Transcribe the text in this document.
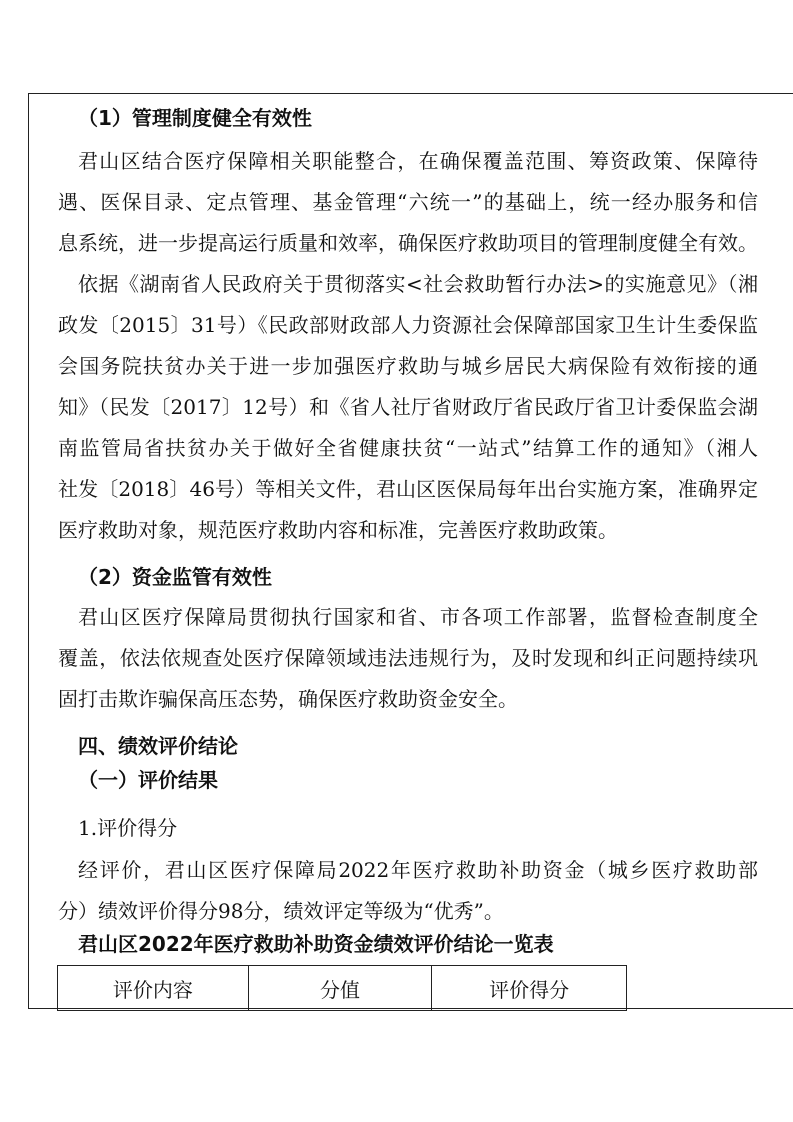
（1）管理制度健全有效性
君山区结合医疗保障相关职能整合，在确保覆盖范围、筹资政策、保障待
遇、医保目录、定点管理、基金管理“六统一”的基础上，统一经办服务和信
息系统，进一步提高运行质量和效率，确保医疗救助项目的管理制度健全有效。
依据《湖南省人民政府关于贯彻落实<社会救助暂行办法>的实施意见》（湘
政发〔2015〕31号）《民政部财政部人力资源社会保障部国家卫生计生委保监
会国务院扶贫办关于进一步加强医疗救助与城乡居民大病保险有效衔接的通
知》（民发〔2017〕12号）和《省人社厅省财政厅省民政厅省卫计委保监会湖
南监管局省扶贫办关于做好全省健康扶贫“一站式”结算工作的通知》（湘人
社发〔2018〕46号）等相关文件，君山区医保局每年出台实施方案，准确界定
医疗救助对象，规范医疗救助内容和标准，完善医疗救助政策。
（2）资金监管有效性
君山区医疗保障局贯彻执行国家和省、市各项工作部署，监督检查制度全
覆盖，依法依规查处医疗保障领域违法违规行为，及时发现和纠正问题持续巩
固打击欺诈骗保高压态势，确保医疗救助资金安全。
四、绩效评价结论
（一）评价结果
1.评价得分
经评价，君山区医疗保障局2022年医疗救助补助资金（城乡医疗救助部
分）绩效评价得分98分，绩效评定等级为“优秀”。
君山区2022年医疗救助补助资金绩效评价结论一览表
评价内容	分值	评价得分
